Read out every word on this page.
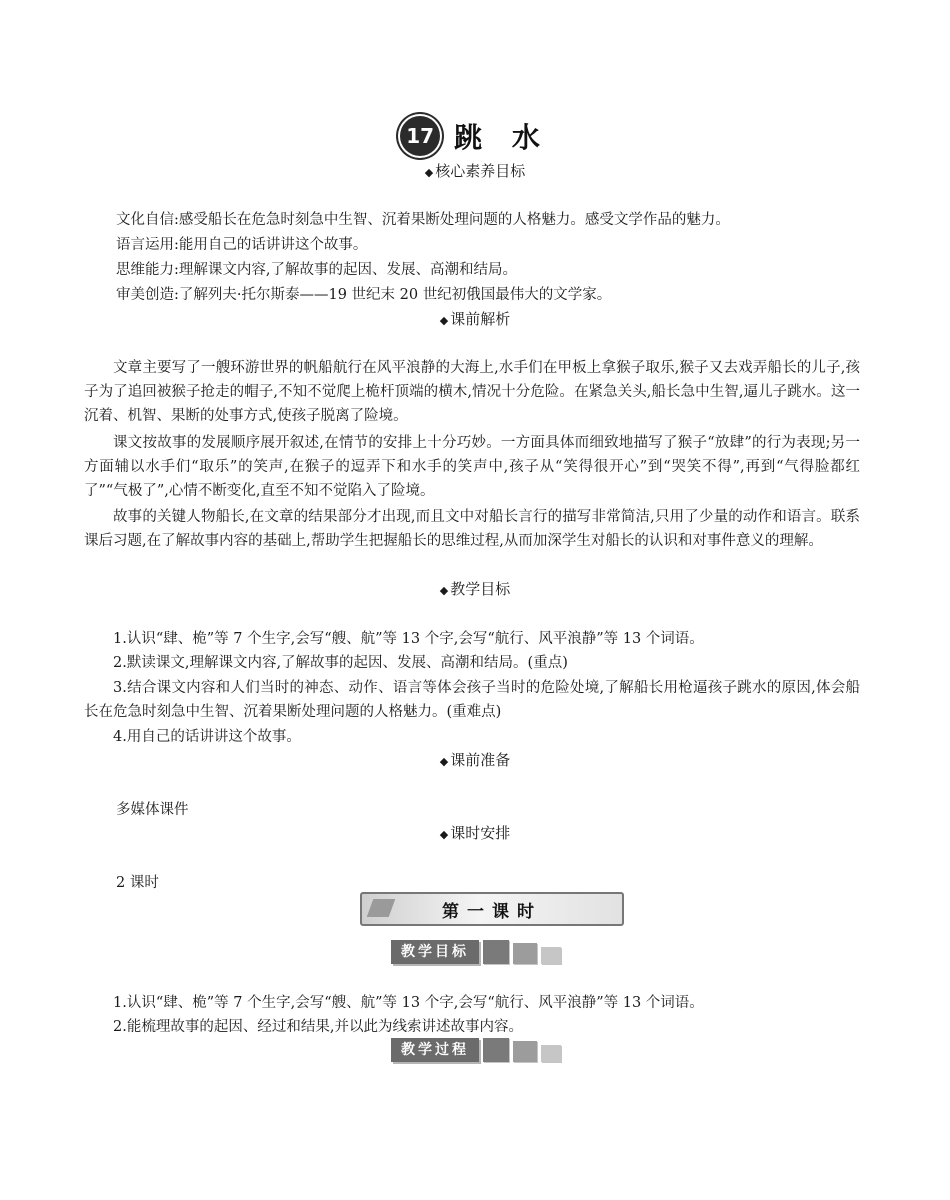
17 跳 水
◆ 核心素养目标
文化自信:感受船长在危急时刻急中生智、沉着果断处理问题的人格魅力。感受文学作品的魅力。
语言运用:能用自己的话讲讲这个故事。
思维能力:理解课文内容,了解故事的起因、发展、高潮和结局。
审美创造:了解列夫·托尔斯泰——19 世纪末 20 世纪初俄国最伟大的文学家。
◆ 课前解析
文章主要写了一艘环游世界的帆船航行在风平浪静的大海上,水手们在甲板上拿猴子取乐,猴子又去戏弄船长的儿子,孩子为了追回被猴子抢走的帽子,不知不觉爬上桅杆顶端的横木,情况十分危险。在紧急关头,船长急中生智,逼儿子跳水。这一沉着、机智、果断的处事方式,使孩子脱离了险境。
课文按故事的发展顺序展开叙述,在情节的安排上十分巧妙。一方面具体而细致地描写了猴子“放肆”的行为表现;另一方面辅以水手们“取乐”的笑声,在猴子的逗弄下和水手的笑声中,孩子从“笑得很开心”到“哭笑不得”,再到“气得脸都红了”“气极了”,心情不断变化,直至不知不觉陷入了险境。
故事的关键人物船长,在文章的结果部分才出现,而且文中对船长言行的描写非常简洁,只用了少量的动作和语言。联系课后习题,在了解故事内容的基础上,帮助学生把握船长的思维过程,从而加深学生对船长的认识和对事件意义的理解。
◆ 教学目标
1.认识“肆、桅”等 7 个生字,会写“艘、航”等 13 个字,会写“航行、风平浪静”等 13 个词语。
2.默读课文,理解课文内容,了解故事的起因、发展、高潮和结局。(重点)
3.结合课文内容和人们当时的神态、动作、语言等体会孩子当时的危险处境,了解船长用枪逼孩子跳水的原因,体会船长在危急时刻急中生智、沉着果断处理问题的人格魅力。(重难点)
4.用自己的话讲讲这个故事。
◆ 课前准备
多媒体课件
◆ 课时安排
2 课时
第一课时
教学目标
1.认识“肆、桅”等 7 个生字,会写“艘、航”等 13 个字,会写“航行、风平浪静”等 13 个词语。
2.能梳理故事的起因、经过和结果,并以此为线索讲述故事内容。
教学过程
